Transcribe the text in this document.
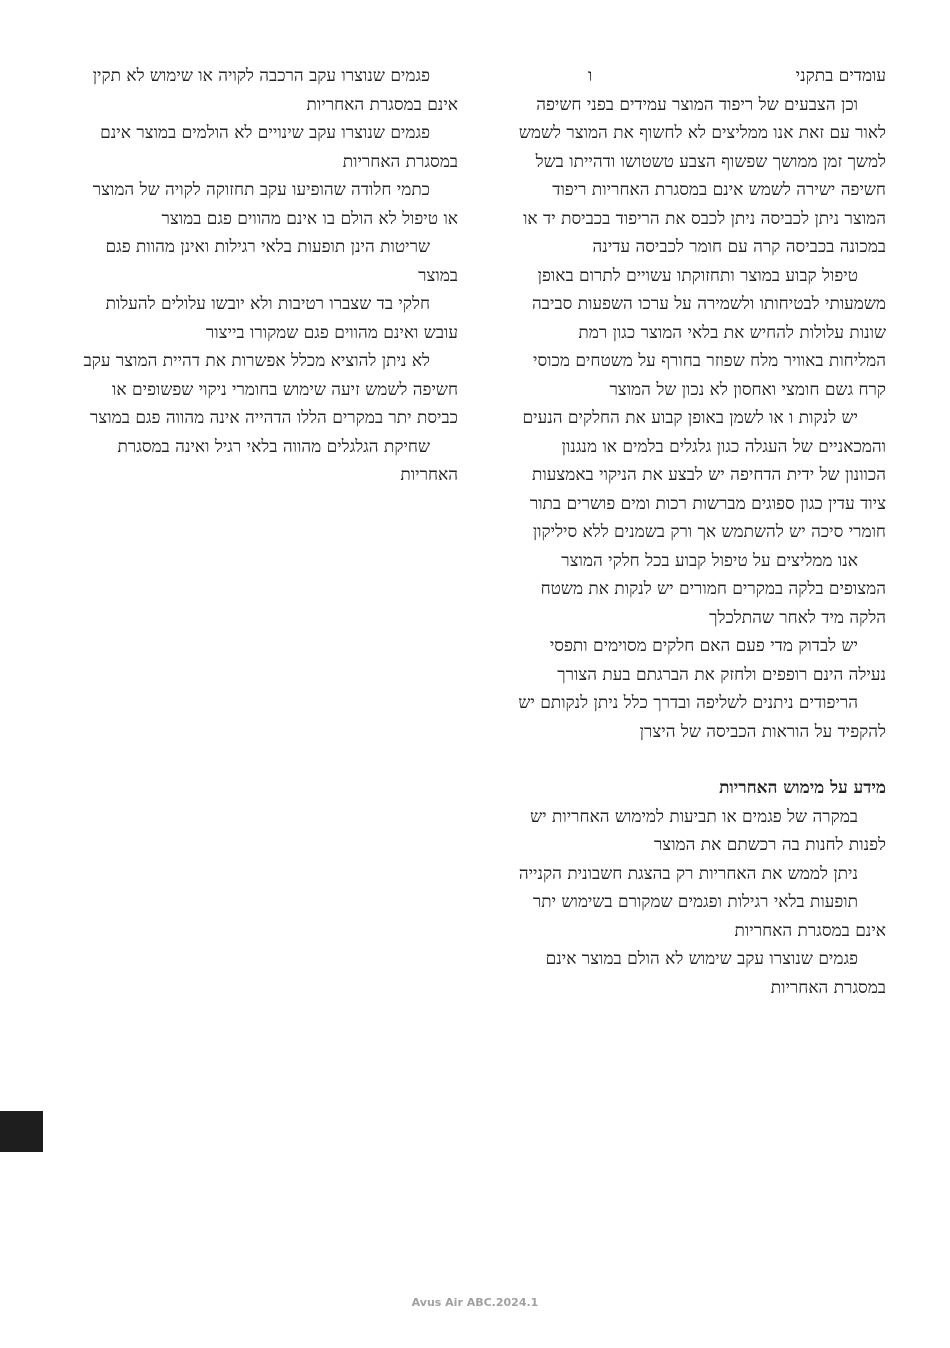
עומדים בתקני
ו

וכן הצבעים של ריפוד המוצר עמידים בפני חשיפה לאור עם זאת אנו ממליצים לא לחשוף את המוצר לשמש למשך זמן ממושך שפשוף הצבע טשטושו ודהייתו בשל חשיפה ישירה לשמש אינם במסגרת האחריות ריפוד המוצר ניתן לכביסה ניתן לכבס את הריפוד בכביסת יד או במכונה בכביסה קרה עם חומר לכביסה עדינה

טיפול קבוע במוצר ותחזוקתו עשויים לתרום באופן משמעותי לבטיחותו ולשמירה על ערכו השפעות סביבה שונות עלולות להחיש את בלאי המוצר כגון רמת המליחות באוויר מלח שפוזר בחורף על משטחים מכוסי קרח גשם חומצי ואחסון לא נכון של המוצר

יש לנקות ו או לשמן באופן קבוע את החלקים הנעים והמכאניים של העגלה כגון גלגלים בלמים או מנגנון הכוונון של ידית הדחיפה יש לבצע את הניקוי באמצעות ציוד עדין כגון ספוגים מברשות רכות ומים פושרים בתור חומרי סיכה יש להשתמש אך ורק בשמנים ללא סיליקון

אנו ממליצים על טיפול קבוע בכל חלקי המוצר המצופים בלקה במקרים חמורים יש לנקות את משטח הלקה מיד לאחר שהתלכלך

יש לבדוק מדי פעם האם חלקים מסוימים ותפסי נעילה הינם רופפים ולחזק את הברגתם בעת הצורך

הריפודים ניתנים לשליפה ובדרך כלל ניתן לנקותם יש להקפיד על הוראות הכביסה של היצרן

מידע על מימוש האחריות

במקרה של פגמים או תביעות למימוש האחריות יש לפנות לחנות בה רכשתם את המוצר

ניתן לממש את האחריות רק בהצגת חשבונית הקנייה

תופעות בלאי רגילות ופגמים שמקורם בשימוש יתר אינם במסגרת האחריות

פגמים שנוצרו עקב שימוש לא הולם במוצר אינם במסגרת האחריות

פגמים שנוצרו עקב הרכבה לקויה או שימוש לא תקין אינם במסגרת האחריות

פגמים שנוצרו עקב שינויים לא הולמים במוצר אינם במסגרת האחריות

כתמי חלודה שהופיעו עקב תחזוקה לקויה של המוצר או טיפול לא הולם בו אינם מהווים פגם במוצר

שריטות הינן תופעות בלאי רגילות ואינן מהוות פגם במוצר

חלקי בד שצברו רטיבות ולא יובשו עלולים להעלות עובש ואינם מהווים פגם שמקורו בייצור

לא ניתן להוציא מכלל אפשרות את דהיית המוצר עקב חשיפה לשמש זיעה שימוש בחומרי ניקוי שפשופים או כביסת יתר במקרים הללו הדהייה אינה מהווה פגם במוצר

שחיקת הגלגלים מהווה בלאי רגיל ואינה במסגרת האחריות

Avus Air ABC.2024.1
